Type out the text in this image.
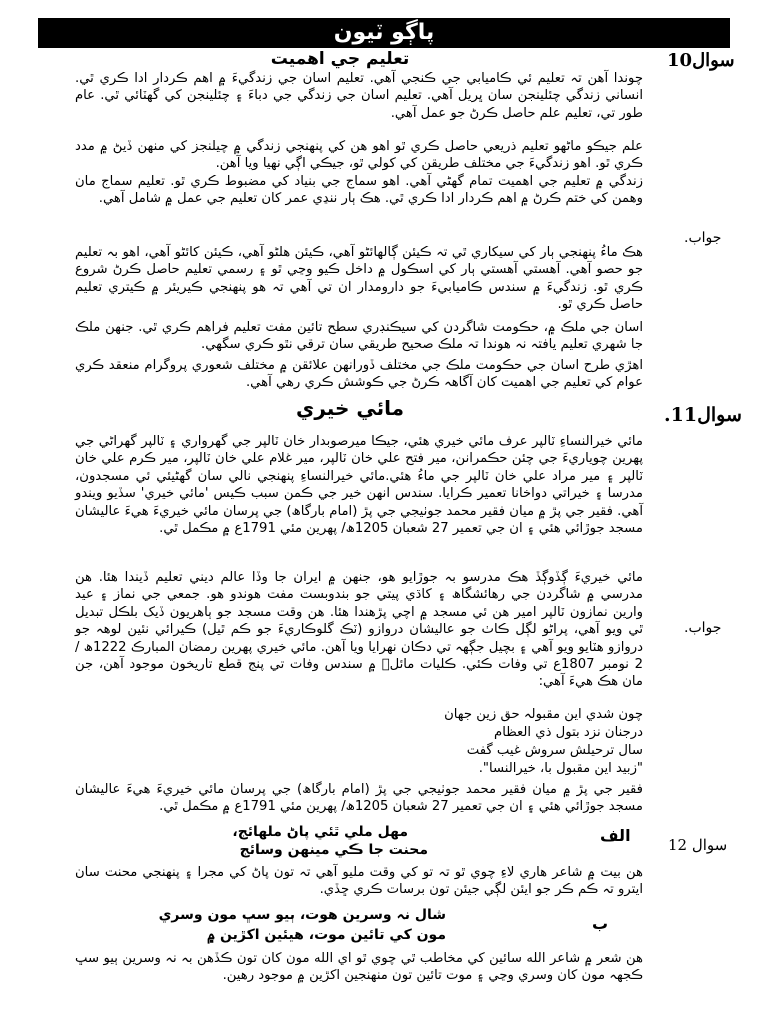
پاڳو ٽيون
سوال10
تعليم جي اهميت
جواب.

چوندا آهن تہ تعليم ئي ڪاميابي جي ڪنجي آهي. تعليم اسان جي زندگيءَ ۾ اهم ڪردار ادا ڪري ٿي. انساني زندگي چئلينجن سان ڀريل آهي. تعليم اسان جي زندگي جي دباءَ ۽ چئلينجن کي گھٽائي ٿي. عام طور تي، تعليم علم حاصل ڪرڻ جو عمل آهي.

علم جيڪو ماڻهو تعليم ذريعي حاصل ڪري ٿو اهو هن کي پنهنجي زندگي ۾ چيلنجز کي منهن ڏيڻ ۾ مدد ڪري ٿو. اهو زندگيءَ جي مختلف طريقن کي کولي ٿو، جيڪي اڳي نهيا ويا آهن.

زندگي ۾ تعليم جي اهميت تمام گھڻي آهي. اهو سماج جي بنياد کي مضبوط ڪري ٿو. تعليم سماج مان وهمن کي ختم ڪرڻ ۾ اهم ڪردار ادا ڪري ٿي. هڪ ٻار ننڍي عمر کان تعليم جي عمل ۾ شامل آهي.

هڪ ماءُ پنهنجي ٻار کي سيکاري ٿي تہ ڪيئن ڳالهائڻو آهي، ڪيئن هلڻو آهي، ڪيئن کائڻو آهي، اهو بہ تعليم جو حصو آهي. آهستي آهستي ٻار کي اسڪول ۾ داخل ڪيو وڃي ٿو ۽ رسمي تعليم حاصل ڪرڻ شروع ڪري ٿو. زندگيءَ ۾ سندس ڪاميابيءَ جو دارومدار ان تي آهي تہ هو پنهنجي ڪيريئر ۾ ڪيتري تعليم حاصل ڪري ٿو.

اسان جي ملڪ ۾، حڪومت شاگردن کي سيڪنڊري سطح تائين مفت تعليم فراهم ڪري ٿي. جنهن ملڪ جا شهري تعليم يافتہ نہ هوندا تہ ملڪ صحيح طريقي سان ترقي نٿو ڪري سگهي.

اهڙي طرح اسان جي حڪومت ملڪ جي مختلف ڏورانهن علائقن ۾ مختلف شعوري پروگرام منعقد ڪري عوام کي تعليم جي اهميت کان آگاهہ ڪرڻ جي ڪوشش ڪري رهي آهي.

سوال11.
مائي خيري
جواب.

مائي خيرالنساءِ ٽالپر عرف مائي خيري هئي، جيڪا ميرصوبدار خان ٽالپر جي گهرواري ۽ ٽالپر گهراڻي جي پهرين چوياريءَ جي چئن حڪمرانن، مير فتح علي خان ٽالپر، مير غلام علي خان ٽالپر، مير ڪرم علي خان ٽالپر ۽ مير مراد علي خان ٽالپر جي ماءُ هئي.مائي خيرالنساءِ پنهنجي نالي سان گهڻيئي ئي مسجدون، مدرسا ۽ خيراتي دواخانا تعمير ڪرايا. سندس انهن خير جي ڪمن سبب ڪيس 'مائي خيري' سڏيو ويندو آهي. فقير جي پڙ ۾ ميان فقير محمد جوٺيجي جي پڙ (امام بارگاھ) جي پرسان مائي خيريءَ هيءَ عاليشان مسجد جوڙائي هئي ۽ ان جي تعمير 27 شعبان 1205ھ/ پهرين مئي 1791ع ۾ مڪمل ٿي.

مائي خيريءَ ڳڏوڳڏ هڪ مدرسو بہ جوڙايو هو، جنهن ۾ ايران جا وڏا عالم ديني تعليم ڏيندا هئا. هن مدرسي ۾ شاگردن جي رهائشگاھ ۽ کاڌي پيتي جو بندوبست مفت هوندو هو. جمعي جي نماز ۽ عيد وارين نمازون ٽالپر امير هن ئي مسجد ۾ اچي پڙهندا هئا. هن وقت مسجد جو ٻاهريون ڏيک بلڪل تبديل ٿي ويو آهي، پراڻو لڳل ڪاٺ جو عاليشان دروازو (ٽڪ گلوڪاريءَ جو ڪم ٿيل) ڪيرائي نئين لوهہ جو دروازو هٽايو ويو آهي ۽ بچيل جڳهہ تي دڪان نهرايا ويا آهن. مائي خيري پهرين رمضان المبارڪ 1222ھ / 2 نومبر 1807ع تي وفات ڪئي. ڪليات مائلؔ ۾ سندس وفات تي پنج قطع تاريخون موجود آهن، جن مان هڪ هيءَ آهي:

چون شدي اين مقبولہ حق زين جهان
درجنان نزد بتول ذي العظام
سال ترحيلش سروش غيب گفت
"زبيد اين مقبول با، خيرالنسا".

فقير جي پڙ ۾ ميان فقير محمد جوٺيجي جي پڙ (امام بارگاھ) جي پرسان مائي خيريءَ هيءَ عاليشان مسجد جوڙائي هئي ۽ ان جي تعمير 27 شعبان 1205ھ/ پهرين مئي 1791ع ۾ مڪمل ٿي.

سوال 12
الف
مهل ملي ٿئي پاڻ ملهائج،
محنت جا ڪي مينهن وسائج

هن بيت ۾ شاعر هاري لاءِ چوي ٿو تہ تو کي وقت مليو آهي تہ تون پاڻ کي مجرا ۽ پنهنجي محنت سان ايترو تہ ڪم ڪر جو ايئن لڳي جيئن تون برسات ڪري ڇڏي.

ب
شال نہ وسرين هوت، ٻيو سڀ مون وسري
مون کي تائين موت، هيئين اکڙين ۾

هن شعر ۾ شاعر الله سائين کي مخاطب ٿي چوي ٿو اي الله مون کان تون ڪڏهن بہ نہ وسرين ٻيو سڀ ڪجھہ مون کان وسري وڃي ۽ موت تائين تون منهنجين اکڙين ۾ موجود رهين.
